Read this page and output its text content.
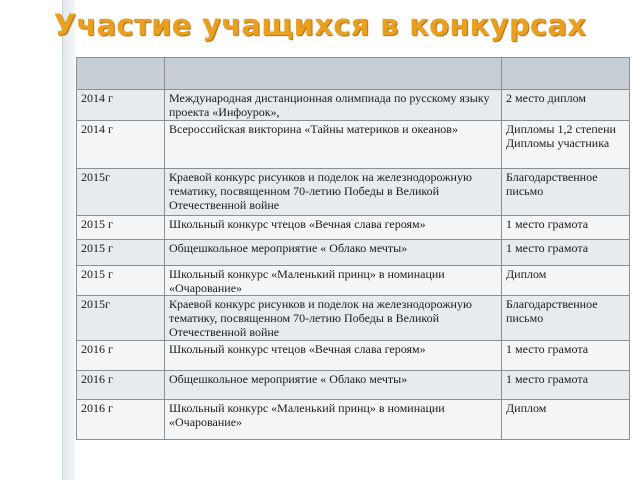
Участие учащихся в конкурсах

2014 г	Международная дистанционная олимпиада по русскому языку проекта «Инфоурок»,	2 место диплом
2014 г	Всероссийская викторина «Тайны материков и океанов»	Дипломы 1,2 степени Дипломы участника
2015г	Краевой конкурс рисунков и поделок на железнодорожную тематику, посвященном 70-летию Победы в Великой Отечественной войне	Благодарственное письмо
2015 г	Школьный конкурс чтецов «Вечная слава героям»	1 место грамота
2015 г	Общешкольное мероприятие « Облако мечты»	1 место грамота
2015 г	Школьный конкурс «Маленький принц» в номинации «Очарование»	Диплом
2015г	Краевой конкурс рисунков и поделок на железнодорожную тематику, посвященном 70-летию Победы в Великой Отечественной войне	Благодарственное письмо
2016 г	Школьный конкурс чтецов «Вечная слава героям»	1 место грамота
2016 г	Общешкольное мероприятие « Облако мечты»	1 место грамота
2016 г	Школьный конкурс «Маленький принц» в номинации «Очарование»	Диплом
